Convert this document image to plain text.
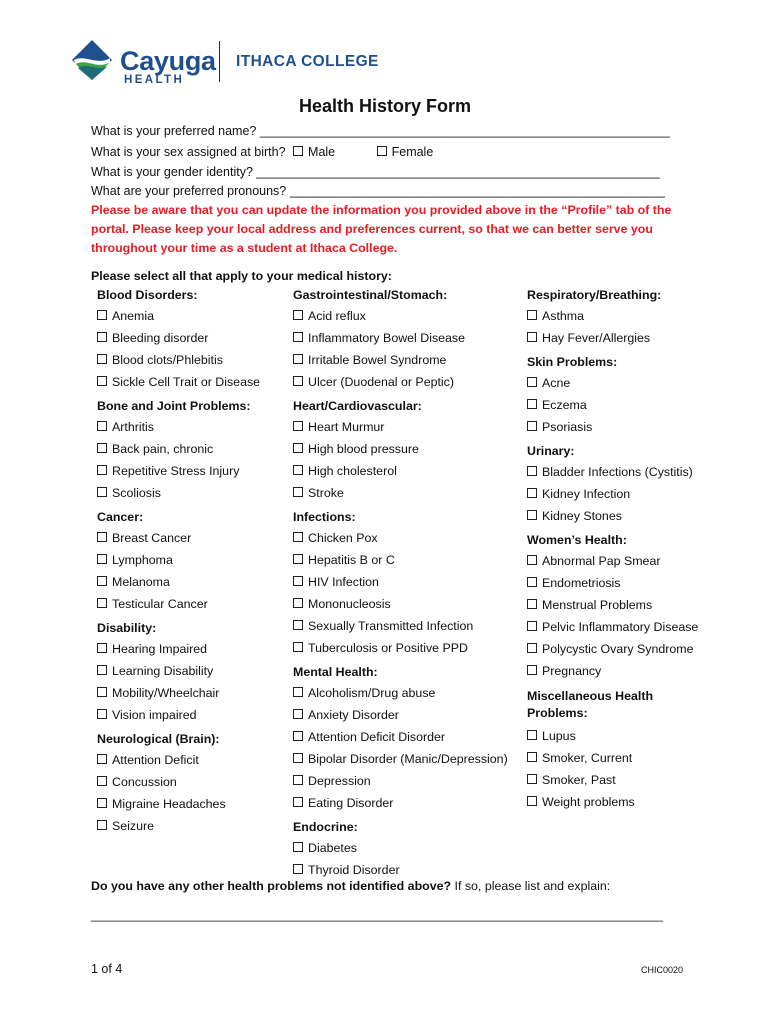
Cayuga
HEALTH
ITHACA COLLEGE
Health History Form
What is your preferred name? ___________________________________________________________
What is your sex assigned at birth? Male	Female
What is your gender identity? __________________________________________________________
What are your preferred pronouns? ______________________________________________________
Please be aware that you can update the information you provided above in the “Profile” tab of the portal. Please keep your local address and preferences current, so that we can better serve you throughout your time as a student at Ithaca College.
Please select all that apply to your medical history:
Blood Disorders:
Anemia
Bleeding disorder
Blood clots/Phlebitis
Sickle Cell Trait or Disease
Bone and Joint Problems:
Arthritis
Back pain, chronic
Repetitive Stress Injury
Scoliosis
Cancer:
Breast Cancer
Lymphoma
Melanoma
Testicular Cancer
Disability:
Hearing Impaired
Learning Disability
Mobility/Wheelchair
Vision impaired
Neurological (Brain):
Attention Deficit
Concussion
Migraine Headaches
Seizure
Gastrointestinal/Stomach:
Acid reflux
Inflammatory Bowel Disease
Irritable Bowel Syndrome
Ulcer (Duodenal or Peptic)
Heart/Cardiovascular:
Heart Murmur
High blood pressure
High cholesterol
Stroke
Infections:
Chicken Pox
Hepatitis B or C
HIV Infection
Mononucleosis
Sexually Transmitted Infection
Tuberculosis or Positive PPD
Mental Health:
Alcoholism/Drug abuse
Anxiety Disorder
Attention Deficit Disorder
Bipolar Disorder (Manic/Depression)
Depression
Eating Disorder
Endocrine:
Diabetes
Thyroid Disorder
Respiratory/Breathing:
Asthma
Hay Fever/Allergies
Skin Problems:
Acne
Eczema
Psoriasis
Urinary:
Bladder Infections (Cystitis)
Kidney Infection
Kidney Stones
Women’s Health:
Abnormal Pap Smear
Endometriosis
Menstrual Problems
Pelvic Inflammatory Disease
Polycystic Ovary Syndrome
Pregnancy
Miscellaneous Health Problems:
Lupus
Smoker, Current
Smoker, Past
Weight problems
Do you have any other health problems not identified above? If so, please list and explain:
___________________________________________________________________________________
1 of 4	CHIC0020
